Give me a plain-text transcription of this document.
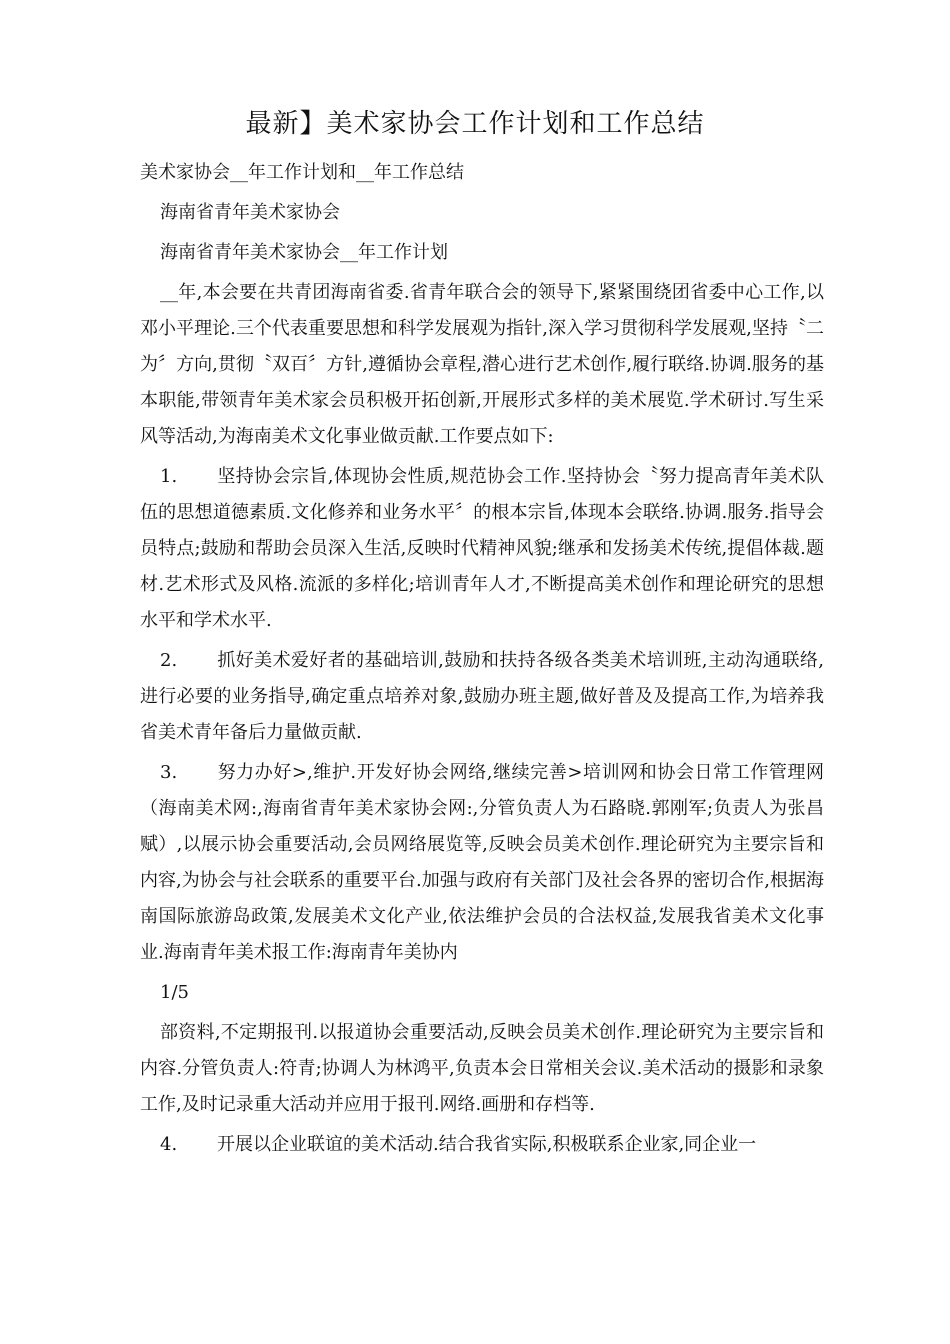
最新】美术家协会工作计划和工作总结

美术家协会__年工作计划和__年工作总结

海南省青年美术家协会

海南省青年美术家协会__年工作计划

__年,本会要在共青团海南省委.省青年联合会的领导下,紧紧围绕团省委中心工作,以邓小平理论.三个代表重要思想和科学发展观为指针,深入学习贯彻科学发展观,坚持〝二为〞方向,贯彻〝双百〞方针,遵循协会章程,潜心进行艺术创作,履行联络.协调.服务的基本职能,带领青年美术家会员积极开拓创新,开展形式多样的美术展览.学术研讨.写生采风等活动,为海南美术文化事业做贡献.工作要点如下:

1. 坚持协会宗旨,体现协会性质,规范协会工作.坚持协会〝努力提高青年美术队伍的思想道德素质.文化修养和业务水平〞的根本宗旨,体现本会联络.协调.服务.指导会员特点;鼓励和帮助会员深入生活,反映时代精神风貌;继承和发扬美术传统,提倡体裁.题材.艺术形式及风格.流派的多样化;培训青年人才,不断提高美术创作和理论研究的思想水平和学术水平.

2. 抓好美术爱好者的基础培训,鼓励和扶持各级各类美术培训班,主动沟通联络,进行必要的业务指导,确定重点培养对象,鼓励办班主题,做好普及及提高工作,为培养我省美术青年备后力量做贡献.

3. 努力办好>,维护.开发好协会网络,继续完善>培训网和协会日常工作管理网（海南美术网:,海南省青年美术家协会网:,分管负责人为石路晓.郭刚军;负责人为张昌赋）,以展示协会重要活动,会员网络展览等,反映会员美术创作.理论研究为主要宗旨和内容,为协会与社会联系的重要平台.加强与政府有关部门及社会各界的密切合作,根据海南国际旅游岛政策,发展美术文化产业,依法维护会员的合法权益,发展我省美术文化事业.海南青年美术报工作:海南青年美协内

1/5

部资料,不定期报刊.以报道协会重要活动,反映会员美术创作.理论研究为主要宗旨和内容.分管负责人:符青;协调人为林鸿平,负责本会日常相关会议.美术活动的摄影和录象工作,及时记录重大活动并应用于报刊.网络.画册和存档等.

4. 开展以企业联谊的美术活动.结合我省实际,积极联系企业家,同企业一
